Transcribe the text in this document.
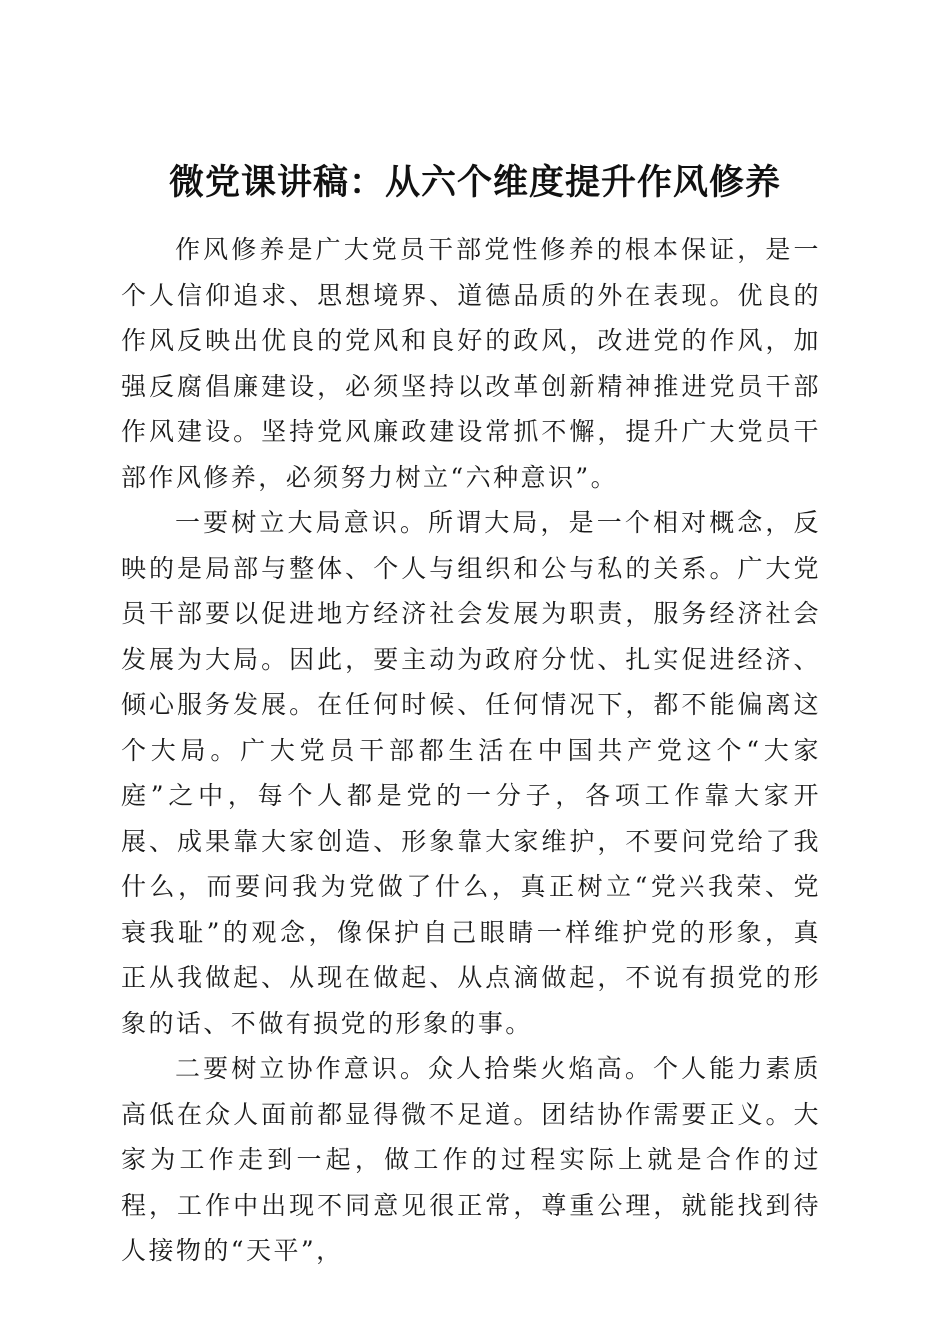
微党课讲稿：从六个维度提升作风修养

作风修养是广大党员干部党性修养的根本保证，是一个人信仰追求、思想境界、道德品质的外在表现。优良的作风反映出优良的党风和良好的政风，改进党的作风，加强反腐倡廉建设，必须坚持以改革创新精神推进党员干部作风建设。坚持党风廉政建设常抓不懈，提升广大党员干部作风修养，必须努力树立“六种意识”。

一要树立大局意识。所谓大局，是一个相对概念，反映的是局部与整体、个人与组织和公与私的关系。广大党员干部要以促进地方经济社会发展为职责，服务经济社会发展为大局。因此，要主动为政府分忧、扎实促进经济、倾心服务发展。在任何时候、任何情况下，都不能偏离这个大局。广大党员干部都生活在中国共产党这个“大家庭”之中，每个人都是党的一分子，各项工作靠大家开展、成果靠大家创造、形象靠大家维护，不要问党给了我什么，而要问我为党做了什么，真正树立“党兴我荣、党衰我耻”的观念，像保护自己眼睛一样维护党的形象，真正从我做起、从现在做起、从点滴做起，不说有损党的形象的话、不做有损党的形象的事。

二要树立协作意识。众人拾柴火焰高。个人能力素质高低在众人面前都显得微不足道。团结协作需要正义。大家为工作走到一起，做工作的过程实际上就是合作的过程，工作中出现不同意见很正常，尊重公理，就能找到待人接物的“天平”，
